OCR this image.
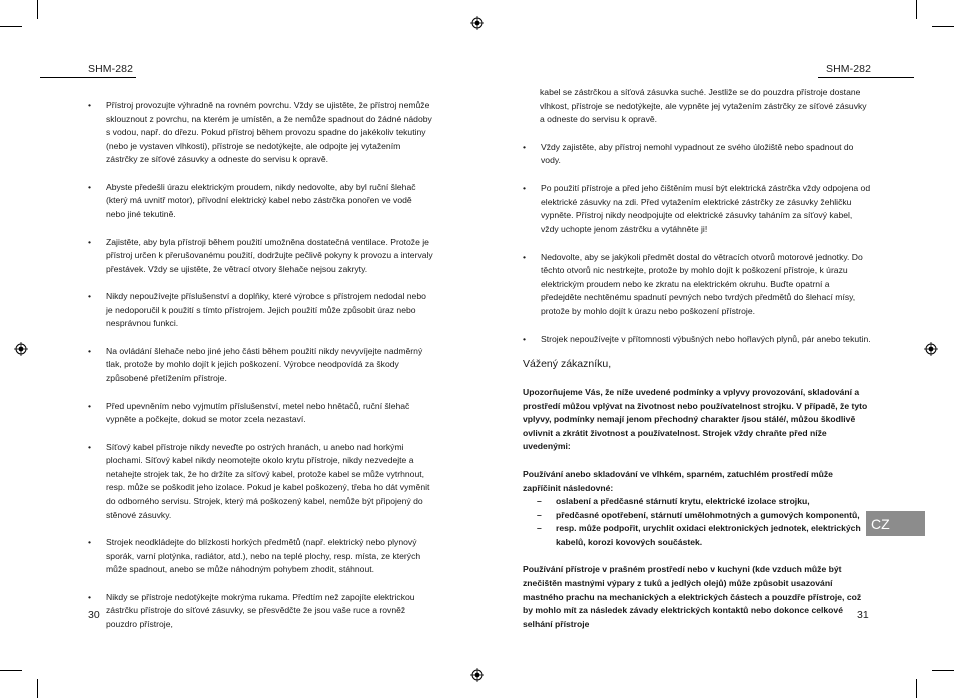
SHM-282	SHM-282
• Přístroj provozujte výhradně na rovném povrchu. Vždy se ujistěte, že přístroj nemůže sklouznout z povrchu, na kterém je umístěn, a že nemůže spadnout do žádné nádoby s vodou, např. do dřezu. Pokud přístroj během provozu spadne do jakékoliv tekutiny (nebo je vystaven vlhkosti), přístroje se nedotýkejte, ale odpojte jej vytažením zástrčky ze síťové zásuvky a odneste do servisu k opravě.
• Abyste předešli úrazu elektrickým proudem, nikdy nedovolte, aby byl ruční šlehač (který má uvnitř motor), přívodní elektrický kabel nebo zástrčka ponořen ve vodě nebo jiné tekutině.
• Zajistěte, aby byla přístroji během použití umožněna dostatečná ventilace. Protože je přístroj určen k přerušovanému použití, dodržujte pečlivě pokyny k provozu a intervaly přestávek. Vždy se ujistěte, že větrací otvory šlehače nejsou zakryty.
• Nikdy nepoužívejte příslušenství a doplňky, které výrobce s přístrojem nedodal nebo je nedoporučil k použití s tímto přístrojem. Jejich použití může způsobit úraz nebo nesprávnou funkci.
• Na ovládání šlehače nebo jiné jeho části během použití nikdy nevyvíjejte nadměrný tlak, protože by mohlo dojít k jejich poškození. Výrobce neodpovídá za škody způsobené přetížením přístroje.
• Před upevněním nebo vyjmutím příslušenství, metel nebo hnětačů, ruční šlehač vypněte a počkejte, dokud se motor zcela nezastaví.
• Síťový kabel přístroje nikdy neveďte po ostrých hranách, u anebo nad horkými plochami. Síťový kabel nikdy neomotejte okolo krytu přístroje, nikdy nezvedejte a netahejte strojek tak, že ho držíte za síťový kabel, protože kabel se může vytrhnout, resp. může se poškodit jeho izolace. Pokud je kabel poškozený, třeba ho dát vyměnit do odborného servisu. Strojek, který má poškozený kabel, nemůže být připojený do stěnové zásuvky.
• Strojek neodkládejte do blízkosti horkých předmětů (např. elektrický nebo plynový sporák, varní plotýnka, radiátor, atd.), nebo na teplé plochy, resp. místa, ze kterých může spadnout, anebo se může náhodným pohybem zhodit, stáhnout.
• Nikdy se přístroje nedotýkejte mokrýma rukama. Předtím než zapojíte elektrickou zástrčku přístroje do síťové zásuvky, se přesvědčte že jsou vaše ruce a rovněž pouzdro přístroje,
30

kabel se zástrčkou a síťová zásuvka suché. Jestliže se do pouzdra přístroje dostane vlhkost, přístroje se nedotýkejte, ale vypněte jej vytažením zástrčky ze síťové zásuvky a odneste do servisu k opravě.

• Vždy zajistěte, aby přístroj nemohl vypadnout ze svého úložiště nebo spadnout do vody.
• Po použití přístroje a před jeho čištěním musí být elektrická zástrčka vždy odpojena od elektrické zásuvky na zdi. Před vytažením elektrické zástrčky ze zásuvky žehličku vypněte. Přístroj nikdy neodpojujte od elektrické zásuvky taháním za síťový kabel, vždy uchopte jenom zástrčku a vytáhněte ji!
• Nedovolte, aby se jakýkoli předmět dostal do větracích otvorů motorové jednotky. Do těchto otvorů nic nestrkejte, protože by mohlo dojít k poškození přístroje, k úrazu elektrickým proudem nebo ke zkratu na elektrickém okruhu. Buďte opatrní a předejděte nechtěnému spadnutí pevných nebo tvrdých předmětů do šlehací mísy, protože by mohlo dojít k úrazu nebo poškození přístroje.
• Strojek nepoužívejte v přítomnosti výbušných nebo hořlavých plynů, pár anebo tekutin.
Vážený zákazníku,

Upozorňujeme Vás, že níže uvedené podmínky a vplyvy provozování, skladování a prostředí můžou vplývat na životnost nebo používatelnost strojku. V případě, že tyto vplyvy, podmínky nemají jenom přechodný charakter /jsou stálé/, můžou škodlivě ovlivnit a zkrátit životnost a používatelnost. Strojek vždy chraňte před níže uvedenými:

Používání anebo skladování ve vlhkém, sparném, zatuchlém prostředí může zapříčinit následovné:

– oslabení a předčasné stárnutí krytu, elektrické izolace strojku,
– předčasné opotřebení, stárnutí umělohmotných a gumových komponentů,
– resp. může podpořit, urychlit oxidaci elektronických jednotek, elektrických kabelů, korozi kovových součástek.

Používání přístroje v prašném prostředí nebo v kuchyni (kde vzduch může být znečištěn mastnými výpary z tuků a jedlých olejů) může způsobit usazování mastného prachu na mechanických a elektrických částech a pouzdře přístroje, což by mohlo mít za následek závady elektrických kontaktů nebo dokonce celkové selhání přístroje

31
CZ
